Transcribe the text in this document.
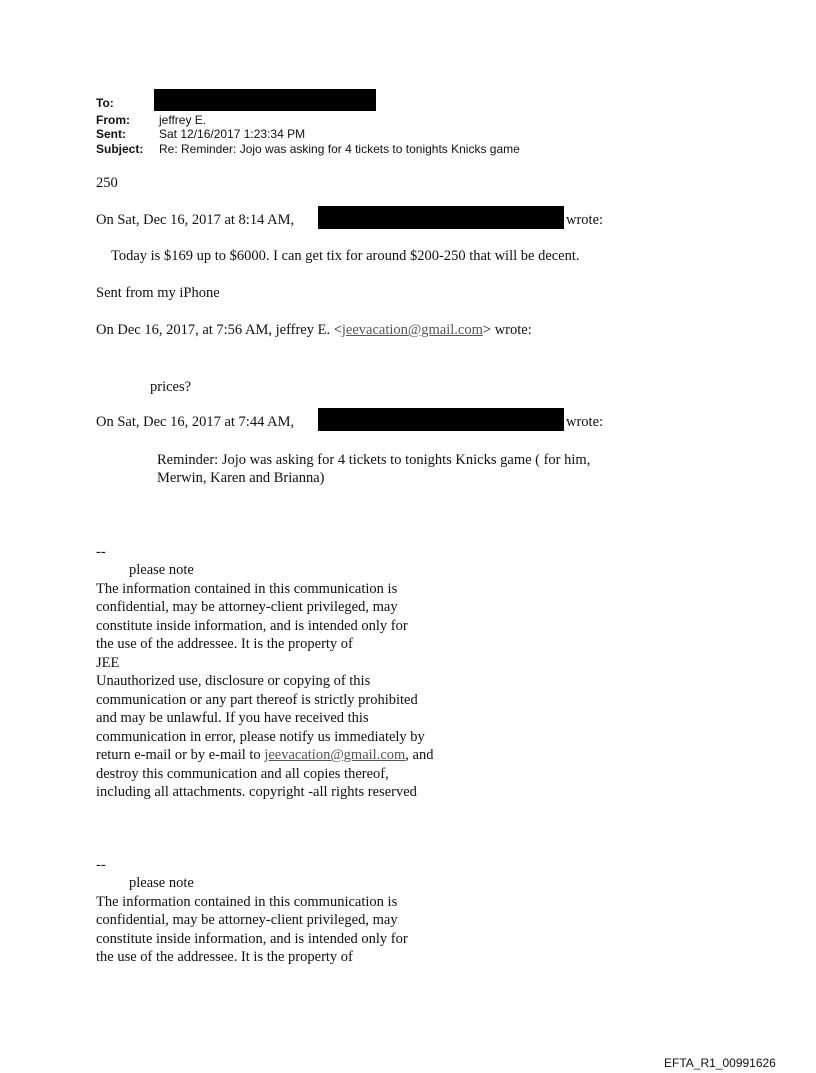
To:
From: jeffrey E.
Sent:	Sat 12/16/2017 1:23:34 PM
Subject: Re: Reminder: Jojo was asking for 4 tickets to tonights Knicks game
250
On Sat, Dec 16, 2017 at 8:14 AM,	wrote:
Today is $169 up to $6000. I can get tix for around $200-250 that will be decent.
Sent from my iPhone
On Dec 16, 2017, at 7:56 AM, jeffrey E. <jeevacation@gmail.com> wrote:
prices?
On Sat, Dec 16, 2017 at 7:44 AM,	wrote:
Reminder: Jojo was asking for 4 tickets to tonights Knicks game ( for him,
Merwin, Karen and Brianna)
--
please note
The information contained in this communication is
confidential, may be attorney-client privileged, may
constitute inside information, and is intended only for
the use of the addressee. It is the property of
JEE
Unauthorized use, disclosure or copying of this
communication or any part thereof is strictly prohibited
and may be unlawful. If you have received this
communication in error, please notify us immediately by
return e-mail or by e-mail to jeevacation@gmail.com, and
destroy this communication and all copies thereof,
including all attachments. copyright -all rights reserved
--
please note
The information contained in this communication is
confidential, may be attorney-client privileged, may
constitute inside information, and is intended only for
the use of the addressee. It is the property of
EFTA_R1_00991626
